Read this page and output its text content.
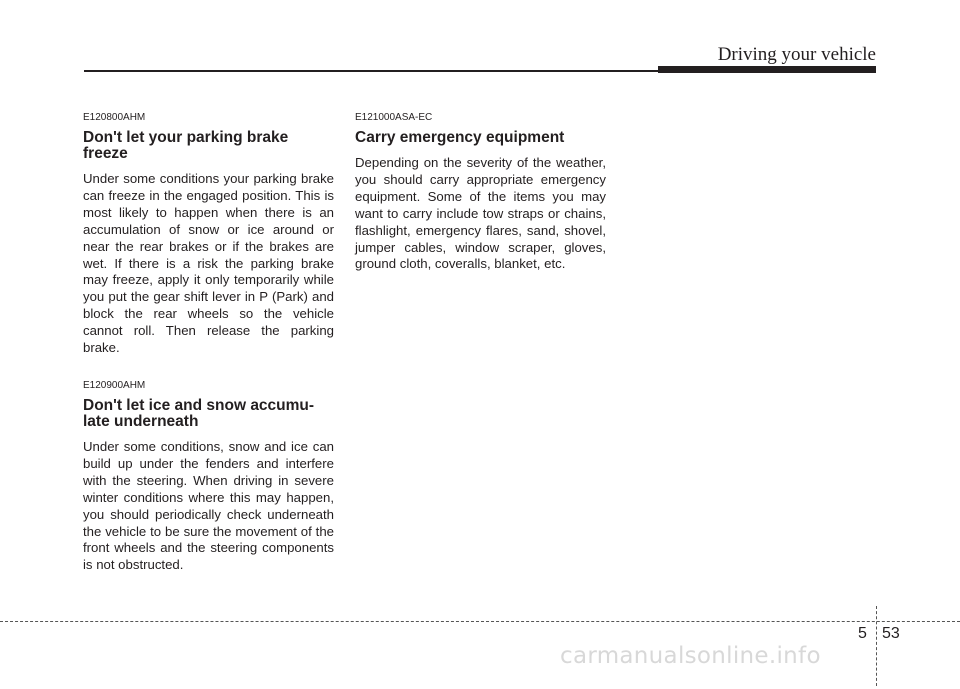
Driving your vehicle

E120800AHM

Don't let your parking brake
freeze

Under some conditions your parking brake can freeze in the engaged position. This is most likely to happen when there is an accumulation of snow or ice around or near the rear brakes or if the brakes are wet. If there is a risk the parking brake may freeze, apply it only temporarily while you put the gear shift lever in P (Park) and block the rear wheels so the vehicle cannot roll. Then release the parking brake.

E120900AHM

Don't let ice and snow accumu-
late underneath

Under some conditions, snow and ice can build up under the fenders and interfere with the steering. When driving in severe winter conditions where this may happen, you should periodically check underneath the vehicle to be sure the movement of the front wheels and the steering components is not obstructed.

E121000ASA-EC

Carry emergency equipment

Depending on the severity of the weather, you should carry appropriate emergency equipment. Some of the items you may want to carry include tow straps or chains, flashlight, emergency flares, sand, shovel, jumper cables, window scraper, gloves, ground cloth, coveralls, blanket, etc.

5 53
carmanualsonline.info
